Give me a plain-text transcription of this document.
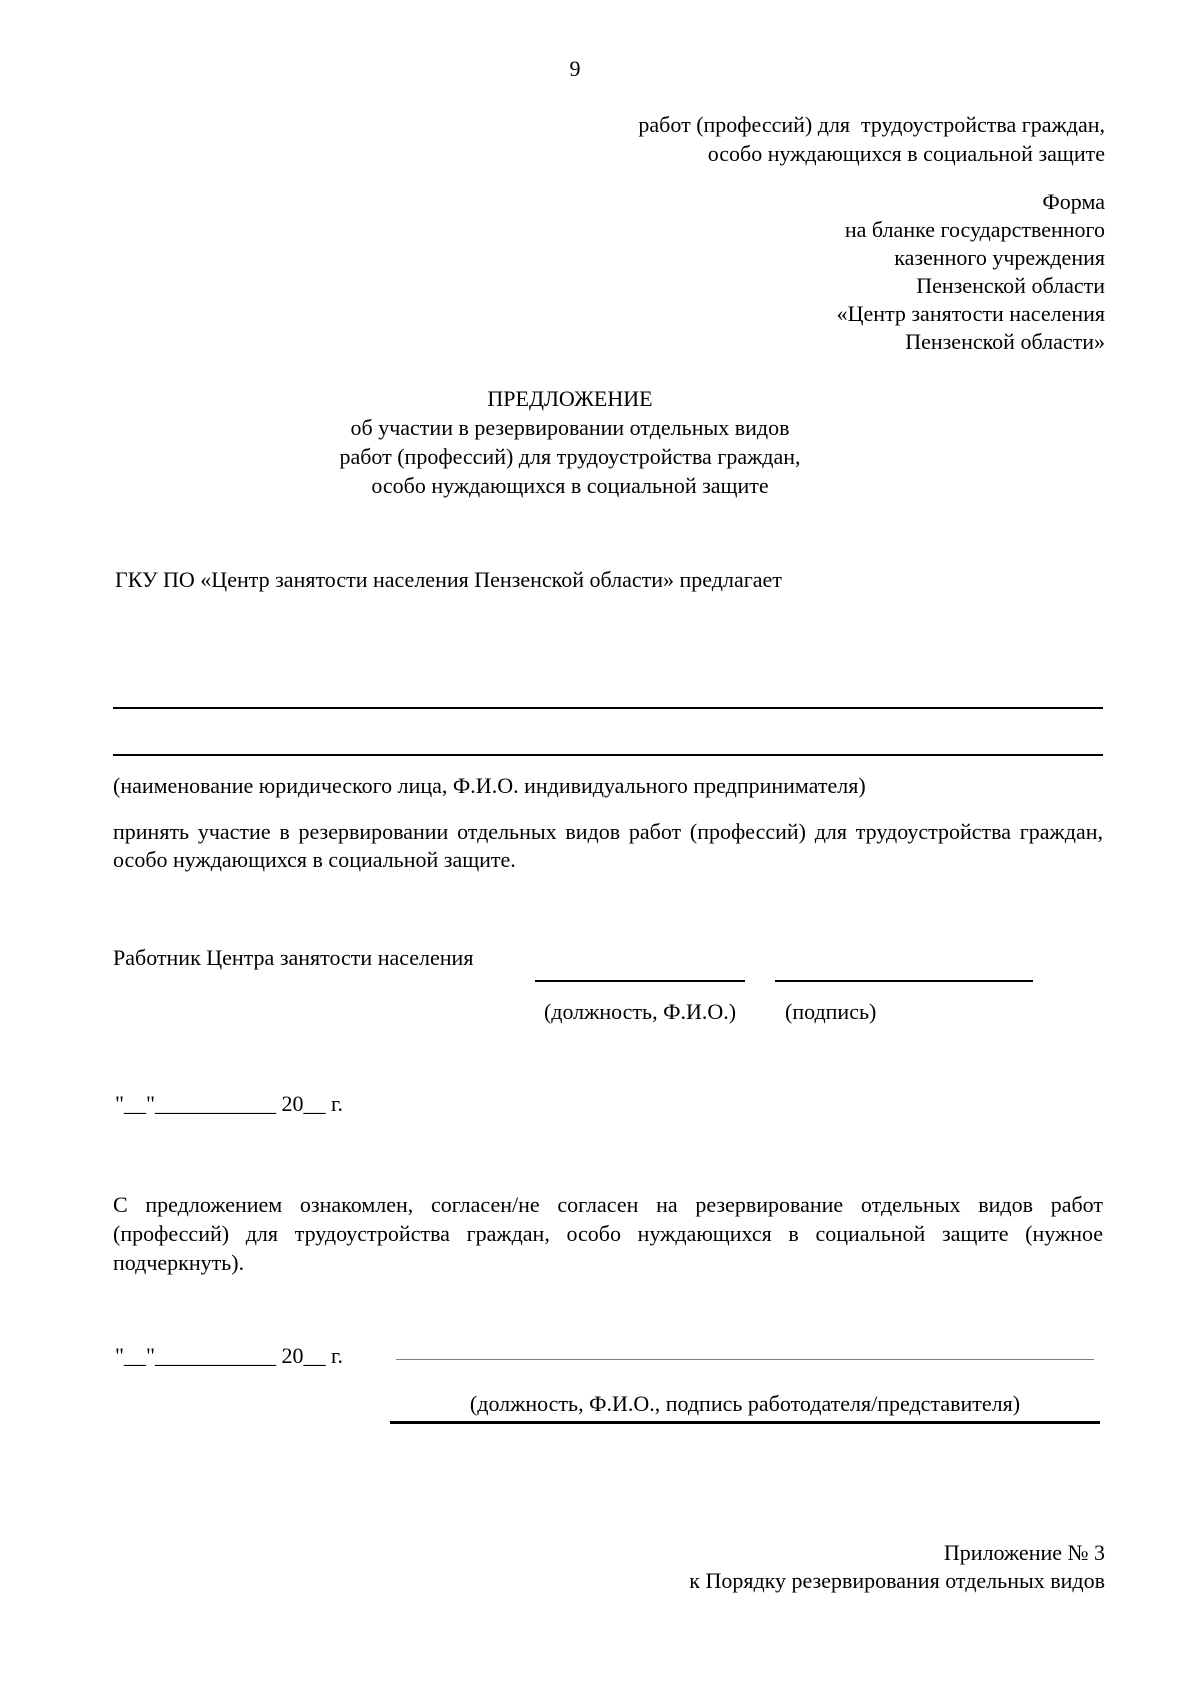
9
работ (профессий) для  трудоустройства граждан,
особо нуждающихся в социальной защите
Форма
на бланке государственного
казенного учреждения
Пензенской области
«Центр занятости населения
Пензенской области»
ПРЕДЛОЖЕНИЕ
об участии в резервировании отдельных видов
работ (профессий) для трудоустройства граждан,
особо нуждающихся в социальной защите
ГКУ ПО «Центр занятости населения Пензенской области» предлагает
(наименование юридического лица, Ф.И.О. индивидуального предпринимателя)
принять участие в резервировании отдельных видов работ (профессий) для трудоустройства граждан, особо нуждающихся в социальной защите.
Работник Центра занятости населения
(должность, Ф.И.О.)	(подпись)
"__"___________ 20__ г.
С предложением ознакомлен, согласен/не согласен на резервирование отдельных видов работ (профессий) для трудоустройства граждан, особо нуждающихся в социальной защите (нужное подчеркнуть).
"__"___________ 20__ г.
(должность, Ф.И.О., подпись работодателя/представителя)
Приложение № 3
к Порядку резервирования отдельных видов
